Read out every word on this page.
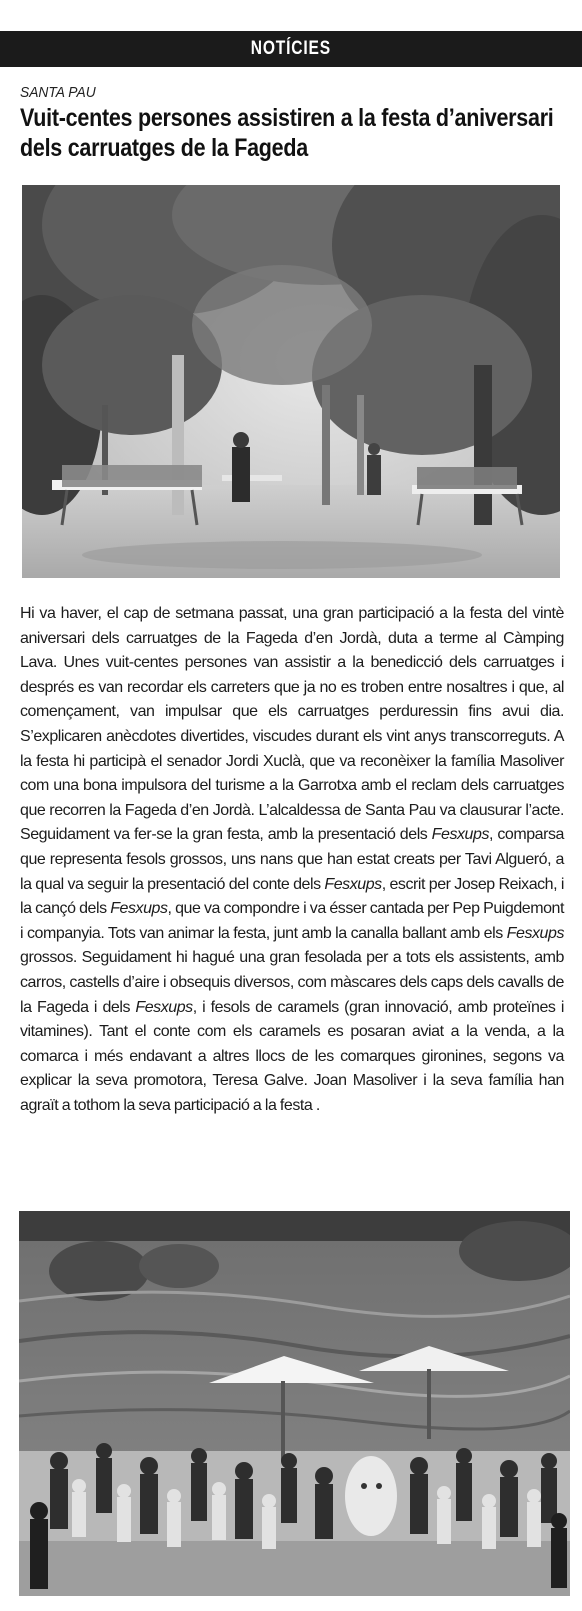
NOTÍCIES
SANTA PAU
Vuit-centes persones assistiren a la festa d’aniversari dels carruatges de la Fageda
Hi va haver, el cap de setmana passat, una gran participació a la festa del vintè aniversari dels carruatges de la Fageda d’en Jordà, duta a terme al Càmping Lava. Unes vuit-centes persones van assistir a la benedicció dels carruatges i després es van recordar els carreters que ja no es troben entre nosaltres i que, al començament, van impulsar que els carruatges perduressin fins avui dia. S’explicaren anècdotes divertides, viscudes durant els vint anys transcorreguts. A la festa hi participà el senador Jordi Xuclà, que va reconèixer la família Masoliver com una bona impulsora del turisme a la Garrotxa amb el reclam dels carruatges que recorren la Fageda d’en Jordà. L’alcaldessa de Santa Pau va clausurar l’acte. Seguidament va fer-se la gran festa, amb la presentació dels Fesxups, comparsa que representa fesols grossos, uns nans que han estat creats per Tavi Algueró, a la qual va seguir la presentació del conte dels Fesxups, escrit per Josep Reixach, i la cançó dels Fesxups, que va compondre i va ésser cantada per Pep Puigdemont i companyia. Tots van animar la festa, junt amb la canalla ballant amb els Fesxups grossos. Seguidament hi hagué una gran fesolada per a tots els assistents, amb carros, castells d’aire i obsequis diversos, com màscares dels caps dels cavalls de la Fageda i dels Fesxups, i fesols de caramels (gran innovació, amb proteïnes i vitamines). Tant el conte com els caramels es posaran aviat a la venda, a la comarca i més endavant a altres llocs de les comarques gironines, segons va explicar la seva promotora, Teresa Galve. Joan Masoliver i la seva família han agraït a tothom la seva participació a la festa .
